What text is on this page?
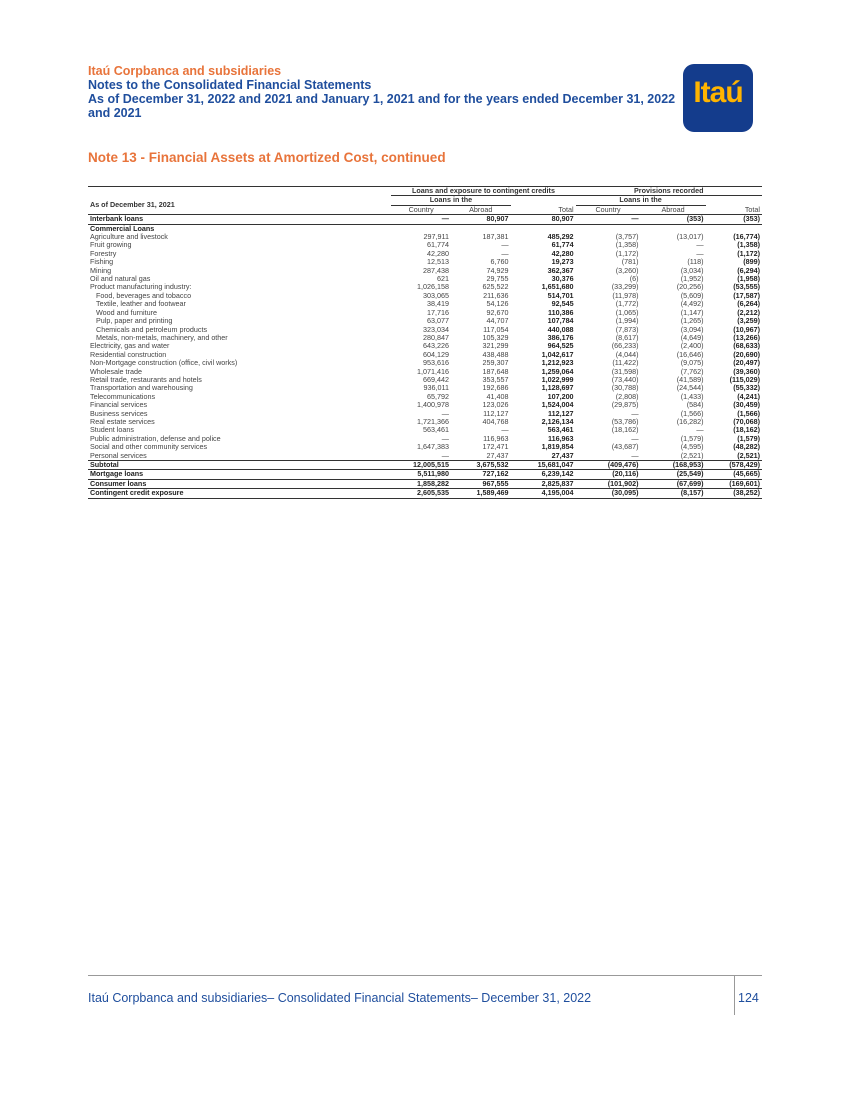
Itaú Corpbanca and subsidiaries
Notes to the Consolidated Financial Statements
As of December 31, 2022 and 2021 and January 1, 2021 and for the years ended December 31, 2022
and 2021
Itaú
Note 13 - Financial Assets at Amortized Cost, continued
	Loans and exposure to contingent credits			Provisions recorded		
As of December 31, 2021	Loans in the			Loans in the		
	Country	Abroad	Total	Country	Abroad	Total
Interbank loans	—	80,907	80,907	—	(353)	(353)
Commercial Loans						
Agriculture and livestock	297,911	187,381	485,292	(3,757)	(13,017)	(16,774)
Fruit growing	61,774	—	61,774	(1,358)	—	(1,358)
Forestry	42,280	—	42,280	(1,172)	—	(1,172)
Fishing	12,513	6,760	19,273	(781)	(118)	(899)
Mining	287,438	74,929	362,367	(3,260)	(3,034)	(6,294)
Oil and natural gas	621	29,755	30,376	(6)	(1,952)	(1,958)
Product manufacturing industry:	1,026,158	625,522	1,651,680	(33,299)	(20,256)	(53,555)
Food, beverages and tobacco	303,065	211,636	514,701	(11,978)	(5,609)	(17,587)
Textile, leather and footwear	38,419	54,126	92,545	(1,772)	(4,492)	(6,264)
Wood and furniture	17,716	92,670	110,386	(1,065)	(1,147)	(2,212)
Pulp, paper and printing	63,077	44,707	107,784	(1,994)	(1,265)	(3,259)
Chemicals and petroleum products	323,034	117,054	440,088	(7,873)	(3,094)	(10,967)
Metals, non-metals, machinery, and other	280,847	105,329	386,176	(8,617)	(4,649)	(13,266)
Electricity, gas and water	643,226	321,299	964,525	(66,233)	(2,400)	(68,633)
Residential construction	604,129	438,488	1,042,617	(4,044)	(16,646)	(20,690)
Non-Mortgage construction (office, civil works)	953,616	259,307	1,212,923	(11,422)	(9,075)	(20,497)
Wholesale trade	1,071,416	187,648	1,259,064	(31,598)	(7,762)	(39,360)
Retail trade, restaurants and hotels	669,442	353,557	1,022,999	(73,440)	(41,589)	(115,029)
Transportation and warehousing	936,011	192,686	1,128,697	(30,788)	(24,544)	(55,332)
Telecommunications	65,792	41,408	107,200	(2,808)	(1,433)	(4,241)
Financial services	1,400,978	123,026	1,524,004	(29,875)	(584)	(30,459)
Business services	—	112,127	112,127	—	(1,566)	(1,566)
Real estate services	1,721,366	404,768	2,126,134	(53,786)	(16,282)	(70,068)
Student loans	563,461	—	563,461	(18,162)	—	(18,162)
Public administration, defense and police	—	116,963	116,963	—	(1,579)	(1,579)
Social and other community services	1,647,383	172,471	1,819,854	(43,687)	(4,595)	(48,282)
Personal services	—	27,437	27,437	—	(2,521)	(2,521)
Subtotal	12,005,515	3,675,532	15,681,047	(409,476)	(168,953)	(578,429)
Mortgage loans	5,511,980	727,162	6,239,142	(20,116)	(25,549)	(45,665)
Consumer loans	1,858,282	967,555	2,825,837	(101,902)	(67,699)	(169,601)
Contingent credit exposure	2,605,535	1,589,469	4,195,004	(30,095)	(8,157)	(38,252)
Itaú Corpbanca and subsidiaries– Consolidated Financial Statements– December 31, 2022	124
